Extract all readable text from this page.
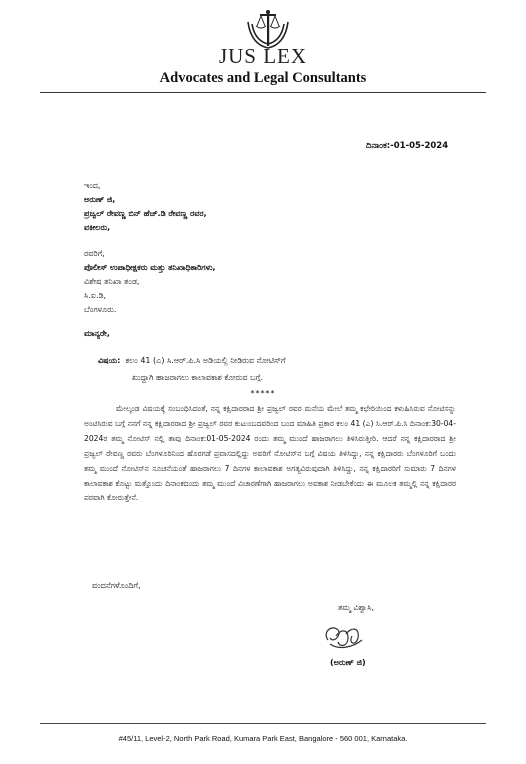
JUS LEX
Advocates and Legal Consultants
ದಿನಾಂಕ:-01-05-2024
ಇಂದ,
ಅರುಣ್ ಜಿ,
ಪ್ರಜ್ವಲ್ ರೇವಣ್ಣ ಬಿನ್ ಹೆಚ್.ಡಿ ರೇವಣ್ಣ ರವರ,
ವಕೀಲರು,
ರವರಿಗೆ,
ಪೊಲೀಸ್ ಉಪಾಧೀಕ್ಷಕರು ಮತ್ತು ತನಿಖಾಧಿಕಾರಿಗಳು,
ವಿಶೇಷ ತನಿಖಾ ತಂಡ,
ಸಿ.ಐ.ಡಿ,
ಬೆಂಗಳೂರು.
ಮಾನ್ಯರೇ,
ವಿಷಯ: ಕಲಂ 41 (ಎ) ಸಿ.ಆರ್.ಪಿ.ಸಿ ಅಡಿಯಲ್ಲಿ ನೀಡಿರುವ ನೋಟಿಸ್‌ಗೆ
ಖುದ್ದಾಗಿ ಹಾಜರಾಗಲು ಕಾಲಾವಕಾಶ ಕೋರುವ ಬಗ್ಗೆ.
*****

ಮೇಲ್ಕಂಡ ವಿಷಯಕ್ಕೆ ಸಂಬಂಧಿಸಿದಂತೆ, ನನ್ನ ಕಕ್ಷಿದಾರರಾದ ಶ್ರೀ ಪ್ರಜ್ವಲ್ ರವರ ಮನೆಯ ಮೇಲೆ ತಮ್ಮ ಕಛೇರಿಯಿಂದ ಕಳುಹಿಸಿರುವ ನೋಟಿಸನ್ನು ಅಂಟಿಸಿರುವ ಬಗ್ಗೆ ನನಗೆ ನನ್ನ ಕಕ್ಷಿದಾರರಾದ ಶ್ರೀ ಪ್ರಜ್ವಲ್ ರವರ ಕುಟುಂಬದವರಿಂದ ಬಂದ ಮಾಹಿತಿ ಪ್ರಕಾರ ಕಲಂ 41 (ಎ) ಸಿ.ಆರ್.ಪಿ.ಸಿ ದಿನಾಂಕ:30-04-2024ರ ತಮ್ಮ ನೋಟಿಸ್ ನಲ್ಲಿ ತಾವು ದಿನಾಂಕ:01-05-2024 ರಂದು ತಮ್ಮ ಮುಂದೆ ಹಾಜರಾಗಲು ತಿಳಿಸಿರುತ್ತೀರಿ. ಆದರೆ ನನ್ನ ಕಕ್ಷಿದಾರರಾದ ಶ್ರೀ ಪ್ರಜ್ವಲ್ ರೇವಣ್ಣ ರವರು ಬೆಂಗಳೂರಿನಿಂದ ಹೊರಗಡೆ ಪ್ರವಾಸದಲ್ಲಿದ್ದು ಅವರಿಗೆ ನೋಟಿಸ್‌ನ ಬಗ್ಗೆ ವಿಷಯ ತಿಳಿಸಿದ್ದು, ನನ್ನ ಕಕ್ಷಿದಾರರು ಬೆಂಗಳೂರಿಗೆ ಬಂದು ತಮ್ಮ ಮುಂದೆ ನೋಟಿಸ್‌ನ ಸೂಚನೆಯಂತೆ ಹಾಜರಾಗಲು 7 ದಿನಗಳ ಕಾಲಾವಕಾಶ ಅಗತ್ಯವಿರುವುದಾಗಿ ತಿಳಿಸಿದ್ದು, ನನ್ನ ಕಕ್ಷಿದಾರರಿಗೆ ಸುಮಾರು 7 ದಿನಗಳ ಕಾಲಾವಕಾಶ ಕೊಟ್ಟು ಮತ್ತೊಂದು ದಿನಾಂಕದಂದು ತಮ್ಮ ಮುಂದೆ ವಿಚಾರಣೆಗಾಗಿ ಹಾಜರಾಗಲು ಅವಕಾಶ ನೀಡಬೇಕೆಂದು ಈ ಮೂಲಕ ತಮ್ಮಲ್ಲಿ ನನ್ನ ಕಕ್ಷಿದಾರರ ಪರವಾಗಿ ಕೋರುತ್ತೇನೆ.

ವಂದನೆಗಳೊಂದಿಗೆ,
ತಮ್ಮ ವಿಶ್ವಾಸಿ,
(ಅರುಣ್ ಜಿ)
#45/11, Level-2, North Park Road, Kumara Park East, Bangalore - 560 001, Karnataka.
